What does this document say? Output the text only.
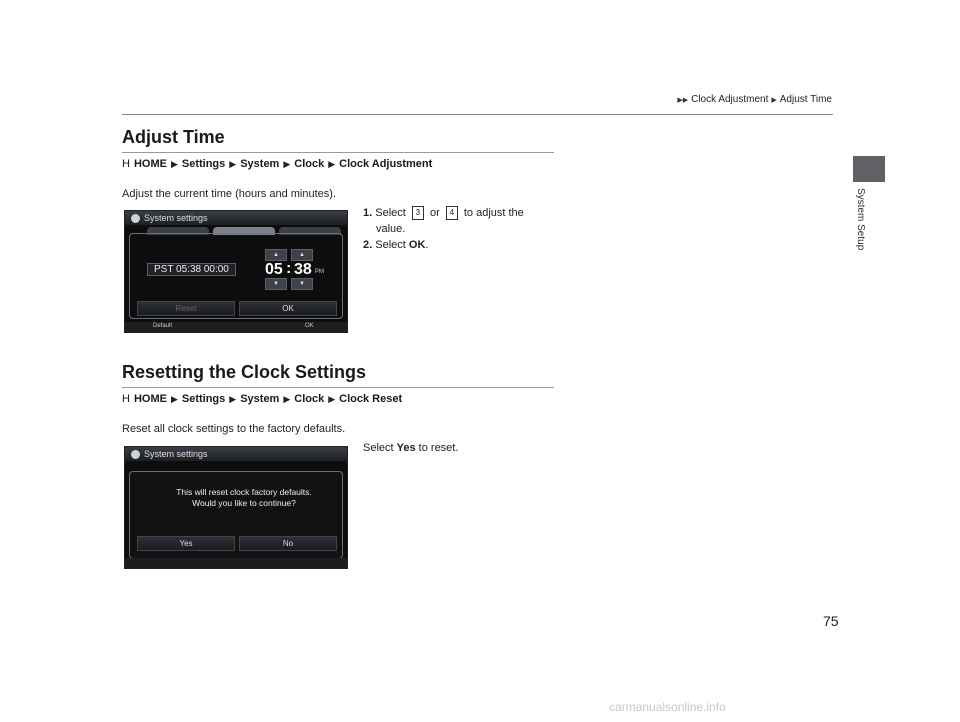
▶▶ Clock Adjustment ▶ Adjust Time
System Setup
Adjust Time
H HOME ▶ Settings ▶ System ▶ Clock ▶ Clock Adjustment
Adjust the current time (hours and minutes).
1. Select 3 or 4 to adjust the
value.
2. Select OK.
System settings
PST 05:38 00:00
▲	▲
05 : 38 PM
▼	▼
Reset	OK
Default	OK
Resetting the Clock Settings
H HOME ▶ Settings ▶ System ▶ Clock ▶ Clock Reset
Reset all clock settings to the factory defaults.
Select Yes to reset.
System settings
This will reset clock factory defaults.
Would you like to continue?
Yes	No
75
carmanualsonline.info
